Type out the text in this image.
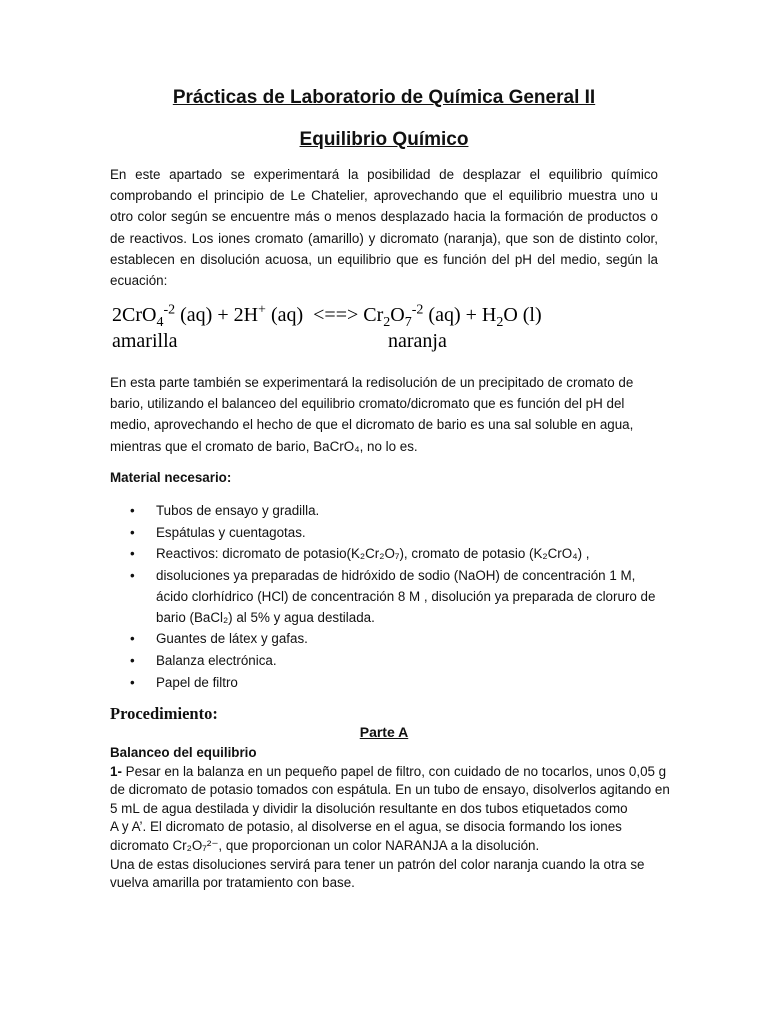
Prácticas de Laboratorio de Química General II
Equilibrio Químico
En este apartado se experimentará la posibilidad de desplazar el equilibrio químico comprobando el principio de Le Chatelier, aprovechando que el equilibrio muestra uno u otro color según se encuentre más o menos desplazado hacia la formación de productos o de reactivos. Los iones cromato (amarillo) y dicromato (naranja), que son de distinto color, establecen en disolución acuosa, un equilibrio que es función del pH del medio, según la ecuación:
2CrO$_4^{-2}$ (aq) + 2H+ (aq)  <==> $Cr_2O_7^{-2}$ $(aq) + H_2O$ (l)
amarilla	naranja
En esta parte también se experimentará la redisolución de un precipitado de cromato de bario, utilizando el balanceo del equilibrio cromato/dicromato que es función del pH del medio, aprovechando el hecho de que el dicromato de bario es una sal soluble en agua, mientras que el cromato de bario, BaCrO₄, no lo es.
Material necesario:
• Tubos de ensayo y gradilla.
• Espátulas y cuentagotas.
• Reactivos: dicromato de potasio(K₂Cr₂O₇), cromato de potasio (K₂CrO₄) ,
• disoluciones ya preparadas de hidróxido de sodio (NaOH) de concentración 1 M, ácido clorhídrico (HCl) de concentración 8 M , disolución ya preparada de cloruro de bario (BaCl₂) al 5% y agua destilada.
• Guantes de látex y gafas.
• Balanza electrónica.
• Papel de filtro
Procedimiento:
Parte A
Balanceo del equilibrio
1- Pesar en la balanza en un pequeño papel de filtro, con cuidado de no tocarlos, unos 0,05 g de dicromato de potasio tomados con espátula. En un tubo de ensayo, disolverlos agitando en 5 mL de agua destilada y dividir la disolución resultante en dos tubos etiquetados como
A y A’. El dicromato de potasio, al disolverse en el agua, se disocia formando los iones dicromato Cr₂O₇²⁻, que proporcionan un color NARANJA a la disolución.
Una de estas disoluciones servirá para tener un patrón del color naranja cuando la otra se vuelva amarilla por tratamiento con base.
